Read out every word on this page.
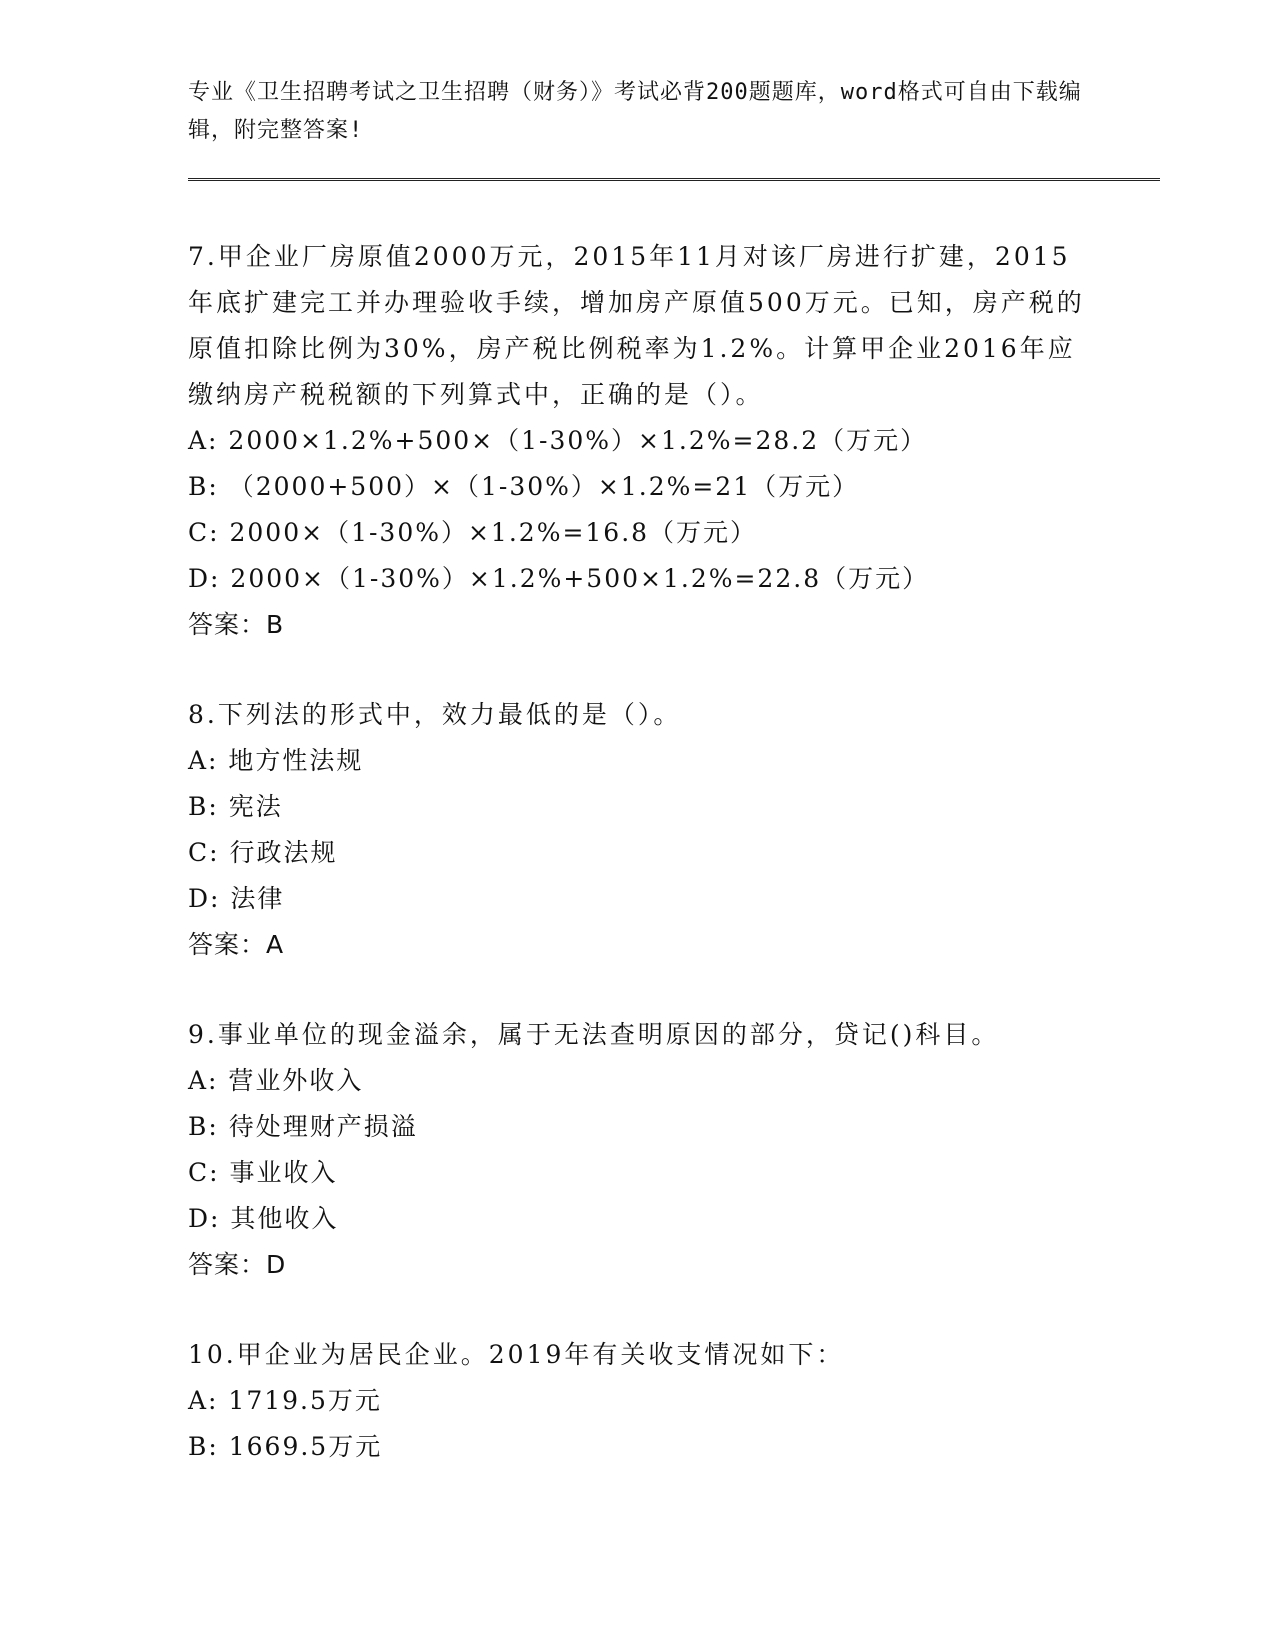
专业《卫生招聘考试之卫生招聘（财务）》考试必背200题题库，word格式可自由下载编辑，附完整答案!

7.甲企业厂房原值2000万元，2015年11月对该厂房进行扩建，2015年底扩建完工并办理验收手续，增加房产原值500万元。已知，房产税的原值扣除比例为30%，房产税比例税率为1.2%。计算甲企业2016年应缴纳房产税税额的下列算式中，正确的是（）。

A: 2000×1.2%+500×（1-30%）×1.2%=28.2（万元）

B: （2000+500）×（1-30%）×1.2%=21（万元）

C: 2000×（1-30%）×1.2%=16.8（万元）

D: 2000×（1-30%）×1.2%+500×1.2%=22.8（万元）

答案：B

8.下列法的形式中，效力最低的是（）。

A: 地方性法规

B: 宪法

C: 行政法规

D: 法律

答案：A

9.事业单位的现金溢余，属于无法查明原因的部分，贷记()科目。

A: 营业外收入

B: 待处理财产损溢

C: 事业收入

D: 其他收入

答案：D

10.甲企业为居民企业。2019年有关收支情况如下：

A: 1719.5万元

B: 1669.5万元
